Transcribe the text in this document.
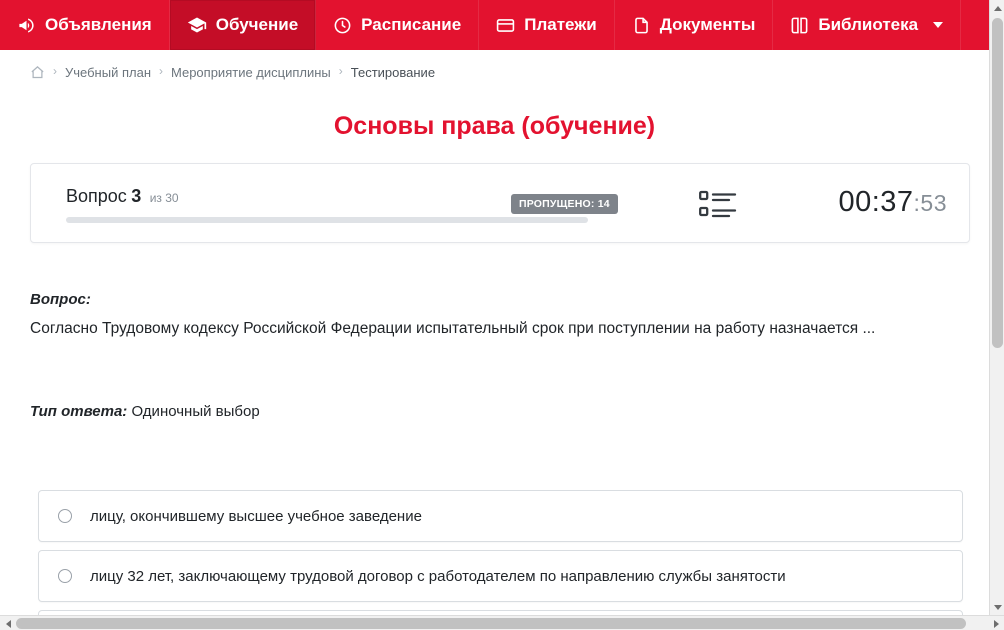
Объявления	Обучение	Расписание	Платежи	Документы	Библиотека
› Учебный план › Мероприятие дисциплины › Тестирование
Основы права (обучение)
Вопрос 3 из 30	ПРОПУЩЕНО: 14	00:37:53
Вопрос:
Согласно Трудовому кодексу Российской Федерации испытательный срок при поступлении на работу назначается ...
Тип ответа: Одиночный выбор
лицу, окончившему высшее учебное заведение
лицу 32 лет, заключающему трудовой договор с работодателем по направлению службы занятости
